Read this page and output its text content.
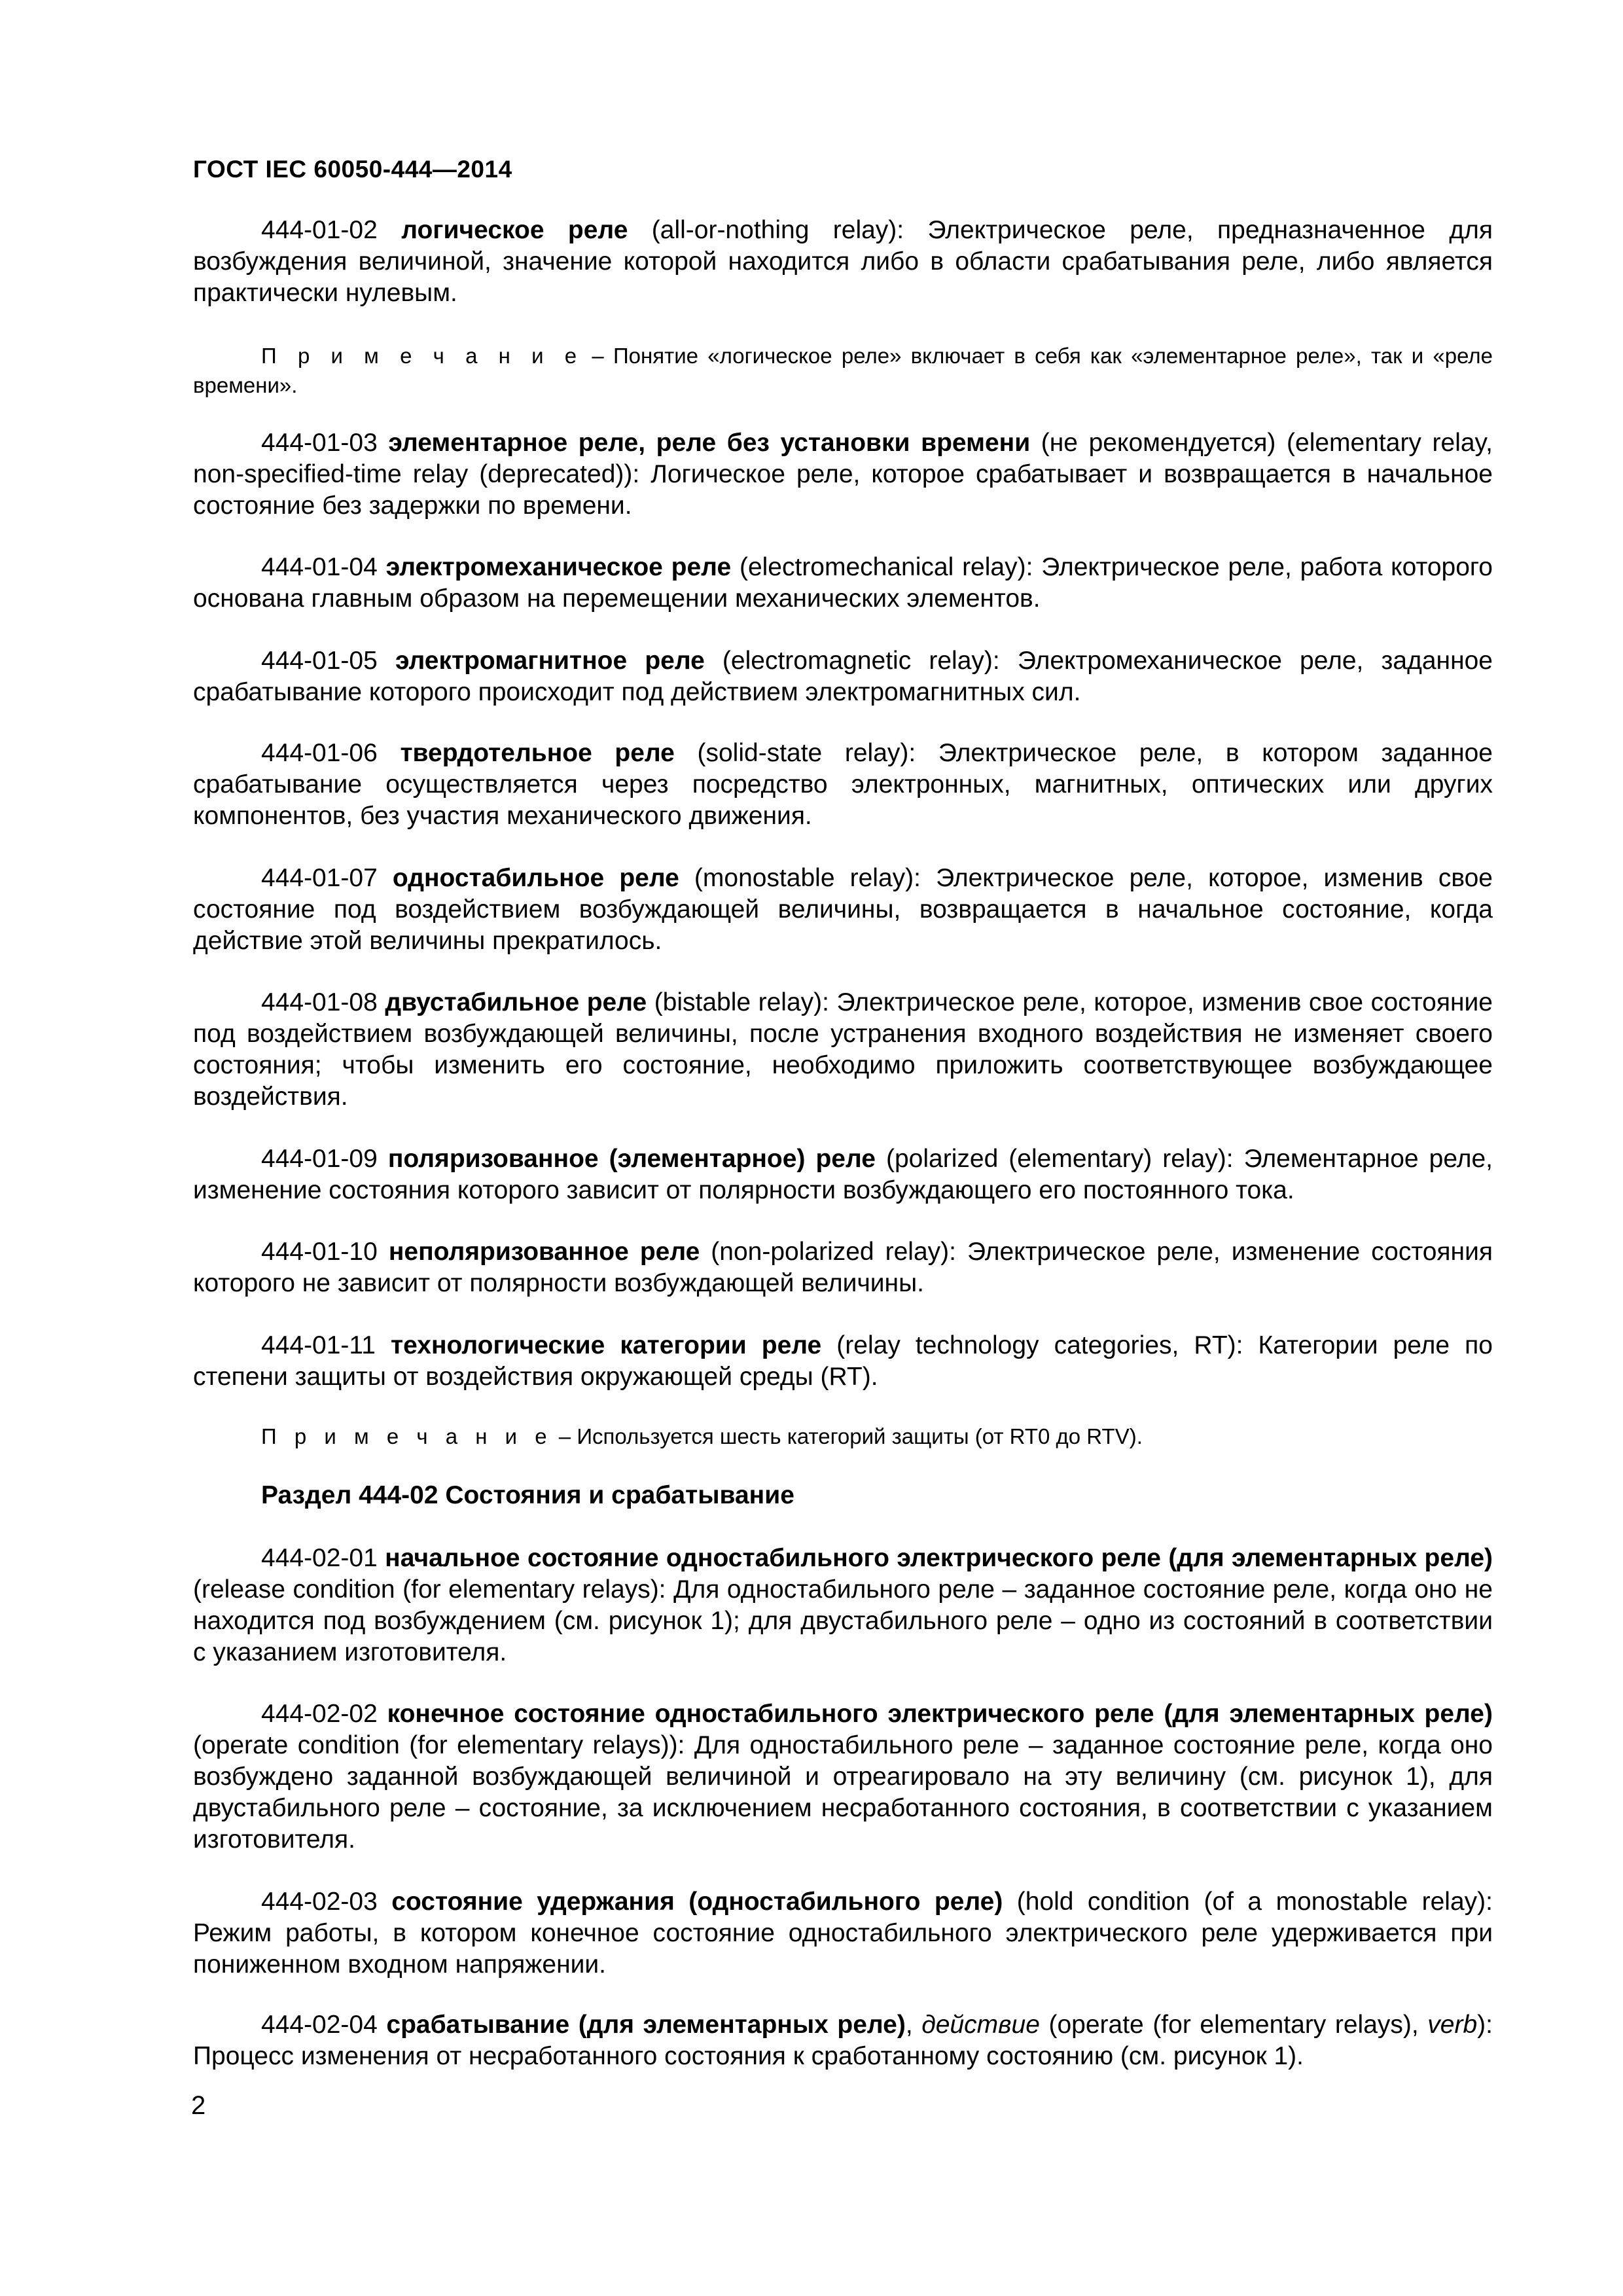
ГОСТ IEC 60050-444—2014

444-01-02 логическое реле (all-or-nothing relay): Электрическое реле, предназначенное для возбуждения величиной, значение которой находится либо в области срабатывания реле, либо является практически нулевым.

П р и м е ч а н и е – Понятие «логическое реле» включает в себя как «элементарное реле», так и «реле времени».

444-01-03 элементарное реле, реле без установки времени (не рекомендуется) (elementary relay, non-specified-time relay (deprecated)): Логическое реле, которое срабатывает и возвращается в начальное состояние без задержки по времени.

444-01-04 электромеханическое реле (electromechanical relay): Электрическое реле, работа которого основана главным образом на перемещении механических элементов.

444-01-05 электромагнитное реле (electromagnetic relay): Электромеханическое реле, заданное срабатывание которого происходит под действием электромагнитных сил.

444-01-06 твердотельное реле (solid-state relay): Электрическое реле, в котором заданное срабатывание осуществляется через посредство электронных, магнитных, оптических или других компонентов, без участия механического движения.

444-01-07 одностабильное реле (monostable relay): Электрическое реле, которое, изменив свое состояние под воздействием возбуждающей величины, возвращается в начальное состояние, когда действие этой величины прекратилось.

444-01-08 двустабильное реле (bistable relay): Электрическое реле, которое, изменив свое состояние под воздействием возбуждающей величины, после устранения входного воздействия не изменяет своего состояния; чтобы изменить его состояние, необходимо приложить соответствующее возбуждающее воздействия.

444-01-09 поляризованное (элементарное) реле (polarized (elementary) relay): Элементарное реле, изменение состояния которого зависит от полярности возбуждающего его постоянного тока.

444-01-10 неполяризованное реле (non-polarized relay): Электрическое реле, изменение состояния которого не зависит от полярности возбуждающей величины.

444-01-11 технологические категории реле (relay technology categories, RT): Категории реле по степени защиты от воздействия окружающей среды (RT).

П р и м е ч а н и е – Используется шесть категорий защиты (от RT0 до RTV).

Раздел 444-02 Состояния и срабатывание

444-02-01 начальное состояние одностабильного электрического реле (для элементарных реле) (release condition (for elementary relays): Для одностабильного реле – заданное состояние реле, когда оно не находится под возбуждением (см. рисунок 1); для двустабильного реле – одно из состояний в соответствии с указанием изготовителя.

444-02-02 конечное состояние одностабильного электрического реле (для элементарных реле) (operate condition (for elementary relays)): Для одностабильного реле – заданное состояние реле, когда оно возбуждено заданной возбуждающей величиной и отреагировало на эту величину (см. рисунок 1), для двустабильного реле – состояние, за исключением несработанного состояния, в соответствии с указанием изготовителя.

444-02-03 состояние удержания (одностабильного реле) (hold condition (of a monostable relay): Режим работы, в котором конечное состояние одностабильного электрического реле удерживается при пониженном входном напряжении.

444-02-04 срабатывание (для элементарных реле), действие (operate (for elementary relays), verb): Процесс изменения от несработанного состояния к сработанному состоянию (см. рисунок 1).

2
